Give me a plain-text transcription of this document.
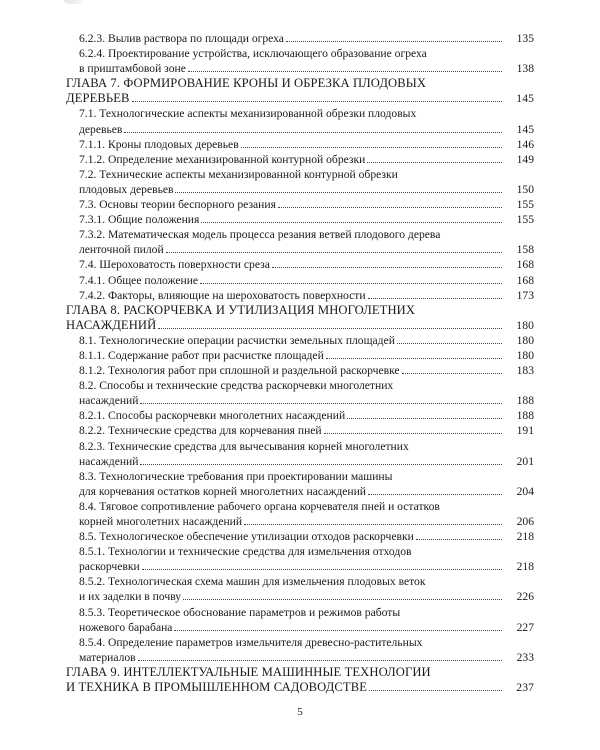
6.2.3. Вылив раствора по площади огреха	135
6.2.4. Проектирование устройства, исключающего образование огреха
в приштамбовой зоне	138
ГЛАВА 7. ФОРМИРОВАНИЕ КРОНЫ И ОБРЕЗКА ПЛОДОВЫХ
ДЕРЕВЬЕВ	145
7.1. Технологические аспекты механизированной обрезки плодовых
деревьев	145
7.1.1. Кроны плодовых деревьев	146
7.1.2. Определение механизированной контурной обрезки	149
7.2. Технические аспекты механизированной контурной обрезки
плодовых деревьев	150
7.3. Основы теории беспорного резания	155
7.3.1. Общие положения	155
7.3.2. Математическая модель процесса резания ветвей плодового дерева
ленточной пилой	158
7.4. Шероховатость поверхности среза	168
7.4.1. Общее положение	168
7.4.2. Факторы, влияющие на шероховатость поверхности	173
ГЛАВА 8. РАСКОРЧЕВКА И УТИЛИЗАЦИЯ МНОГОЛЕТНИХ
НАСАЖДЕНИЙ	180
8.1. Технологические операции расчистки земельных площадей	180
8.1.1. Содержание работ при расчистке площадей	180
8.1.2. Технология работ при сплошной и раздельной раскорчевке	183
8.2. Способы и технические средства раскорчевки многолетних
насаждений	188
8.2.1. Способы раскорчевки многолетних насаждений	188
8.2.2. Технические средства для корчевания пней	191
8.2.3. Технические средства для вычесывания корней многолетних
насаждений	201
8.3. Технологические требования при проектировании машины
для корчевания остатков корней многолетних насаждений	204
8.4. Тяговое сопротивление рабочего органа корчевателя пней и остатков
корней многолетних насаждений	206
8.5. Технологическое обеспечение утилизации отходов раскорчевки	218
8.5.1. Технологии и технические средства для измельчения отходов
раскорчевки	218
8.5.2. Технологическая схема машин для измельчения плодовых веток
и их заделки в почву	226
8.5.3. Теоретическое обоснование параметров и режимов работы
ножевого барабана	227
8.5.4. Определение параметров измельчителя древесно-растительных
материалов	233
ГЛАВА 9. ИНТЕЛЛЕКТУАЛЬНЫЕ МАШИННЫЕ ТЕХНОЛОГИИ
И ТЕХНИКА В ПРОМЫШЛЕННОМ САДОВОДСТВЕ	237
5
